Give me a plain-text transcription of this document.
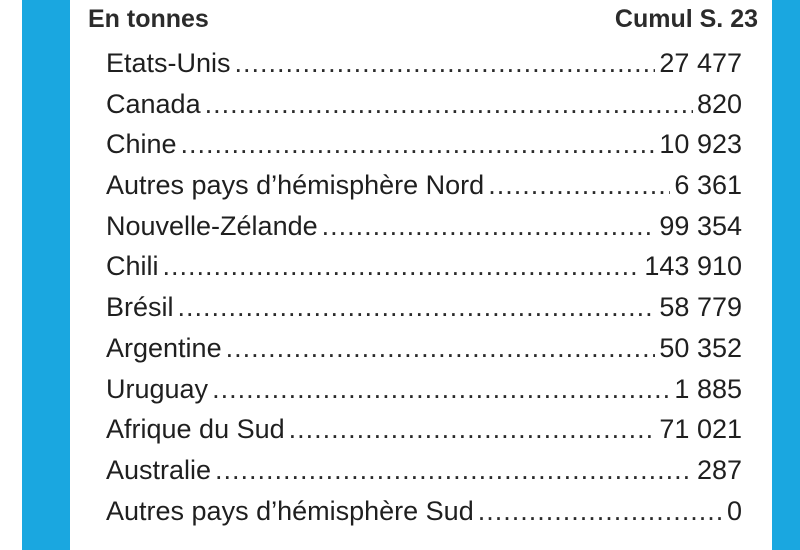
En tonnes	Cumul S. 23
Etats-Unis .....	27 477
Canada .....	820
Chine .....	10 923
Autres pays d’hémisphère Nord .....	6 361
Nouvelle-Zélande .....	99 354
Chili .....	143 910
Brésil .....	58 779
Argentine .....	50 352
Uruguay .....	1 885
Afrique du Sud .....	71 021
Australie .....	287
Autres pays d’hémisphère Sud .....	0
